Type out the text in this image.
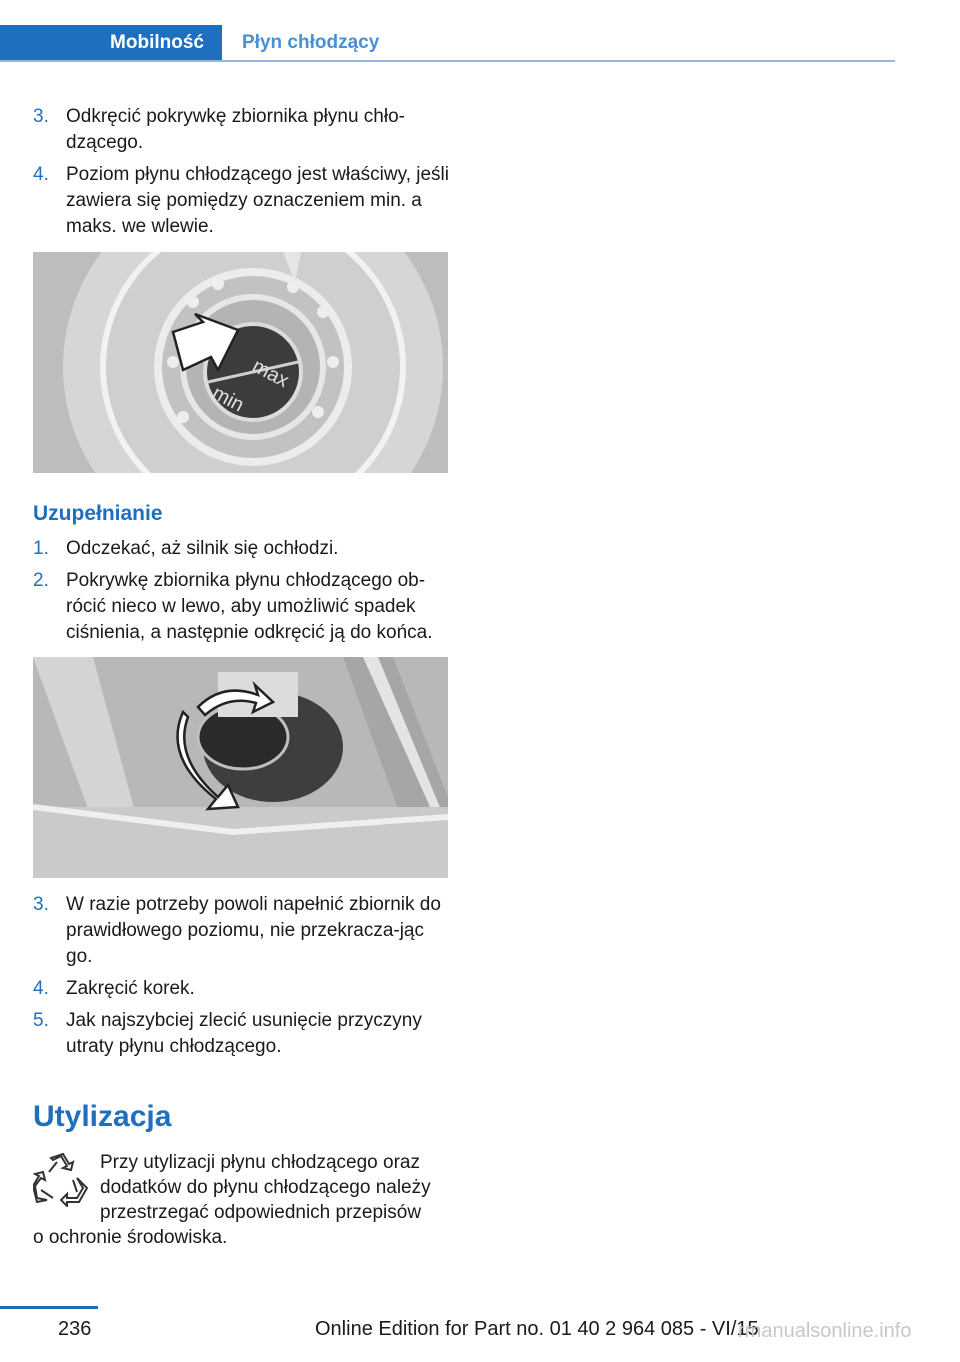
Mobilność	Płyn chłodzący
3. Odkręcić pokrywkę zbiornika płynu chło‐dzącego.
4. Poziom płynu chłodzącego jest właściwy, jeśli zawiera się pomiędzy oznaczeniem min. a maks. we wlewie.
max
min
Uzupełnianie
1. Odczekać, aż silnik się ochłodzi.
2. Pokrywkę zbiornika płynu chłodzącego ob‐rócić nieco w lewo, aby umożliwić spadek ciśnienia, a następnie odkręcić ją do końca.
3. W razie potrzeby powoli napełnić zbiornik do prawidłowego poziomu, nie przekracza‐jąc go.
4. Zakręcić korek.
5. Jak najszybciej zlecić usunięcie przyczyny utraty płynu chłodzącego.
Utylizacja
Przy utylizacji płynu chłodzącego oraz
dodatków do płynu chłodzącego należy
przestrzegać odpowiednich przepisów
o ochronie środowiska.
236	Online Edition for Part no. 01 40 2 964 085 - VI/15
rmanualsonline.info
